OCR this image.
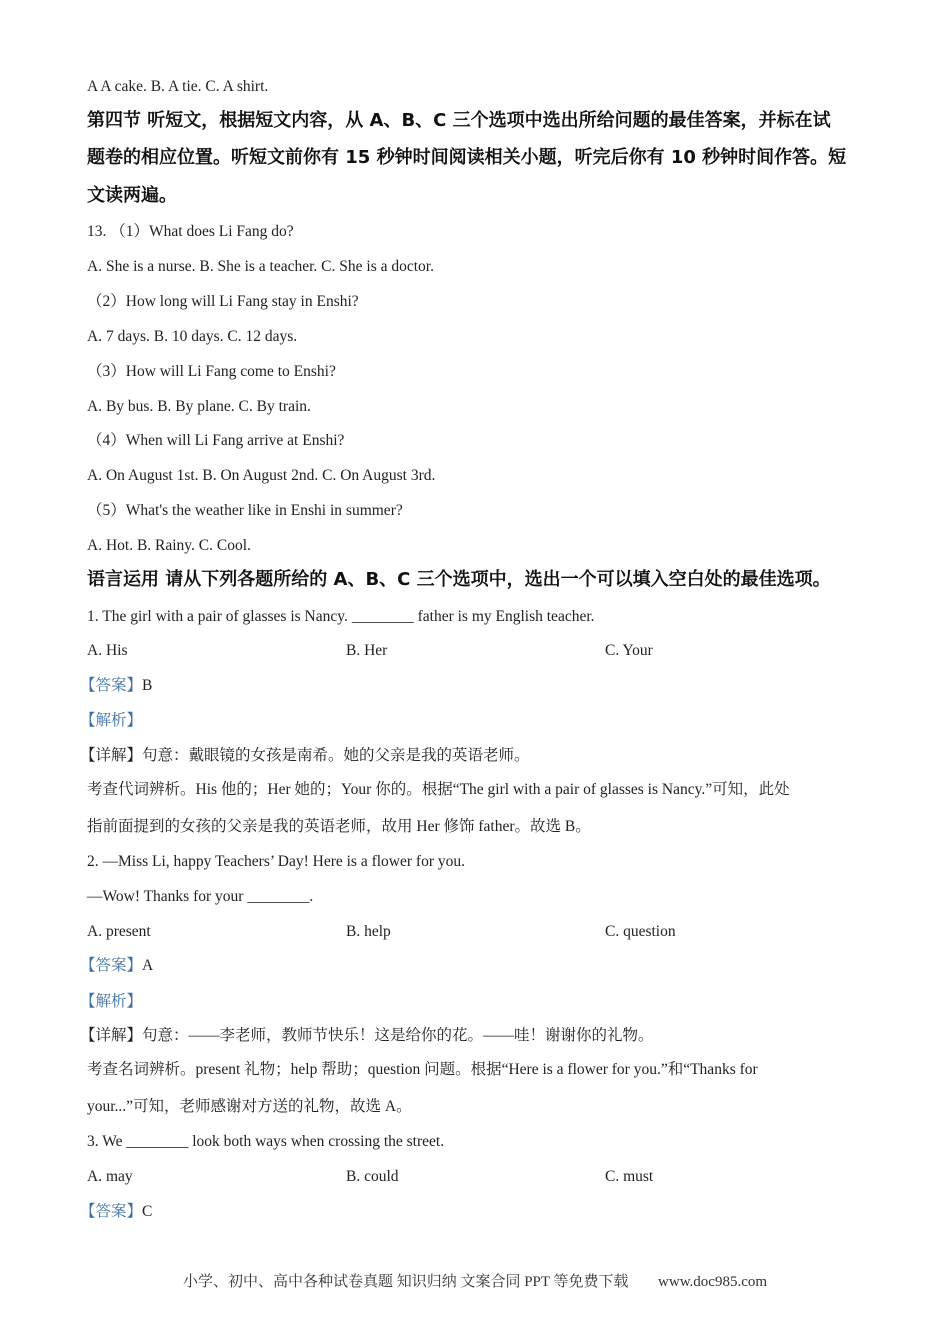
A A cake. B. A tie. C. A shirt.
第四节 听短文，根据短文内容，从 A、B、C 三个选项中选出所给问题的最佳答案，并标在试
题卷的相应位置。听短文前你有 15 秒钟时间阅读相关小题，听完后你有 10 秒钟时间作答。短
文读两遍。
13. （1）What does Li Fang do?
A. She is a nurse. B. She is a teacher. C. She is a doctor.
（2）How long will Li Fang stay in Enshi?
A. 7 days. B. 10 days. C. 12 days.
（3）How will Li Fang come to Enshi?
A. By bus. B. By plane. C. By train.
（4）When will Li Fang arrive at Enshi?
A. On August 1st. B. On August 2nd. C. On August 3rd.
（5）What's the weather like in Enshi in summer?
A. Hot. B. Rainy. C. Cool.
语言运用 请从下列各题所给的 A、B、C 三个选项中，选出一个可以填入空白处的最佳选项。
1. The girl with a pair of glasses is Nancy. ________ father is my English teacher.
A. His	B. Her	C. Your
【答案】B
【解析】
【详解】句意：戴眼镜的女孩是南希。她的父亲是我的英语老师。
考查代词辨析。His 他的；Her 她的；Your 你的。根据“The girl with a pair of glasses is Nancy.”可知，此处
指前面提到的女孩的父亲是我的英语老师，故用 Her 修饰 father。故选 B。
2. —Miss Li, happy Teachers’ Day! Here is a flower for you.
—Wow! Thanks for your ________.
A. present	B. help	C. question
【答案】A
【解析】
【详解】句意：——李老师，教师节快乐！这是给你的花。——哇！谢谢你的礼物。
考查名词辨析。present 礼物；help 帮助；question 问题。根据“Here is a flower for you.”和“Thanks for
your...”可知，老师感谢对方送的礼物，故选 A。
3. We ________ look both ways when crossing the street.
A. may	B. could	C. must
【答案】C
小学、初中、高中各种试卷真题 知识归纳 文案合同 PPT 等免费下载 www.doc985.com
